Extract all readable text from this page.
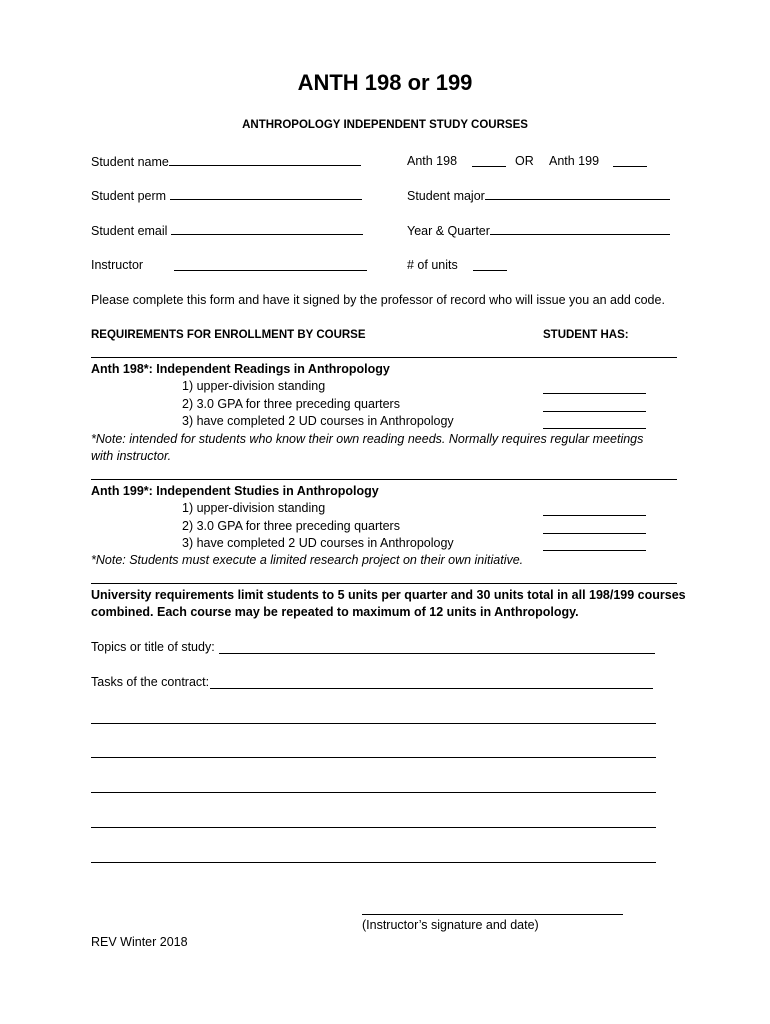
ANTH 198 or 199
ANTHROPOLOGY INDEPENDENT STUDY COURSES
Student name
Student perm
Student email
Instructor
Anth 198	OR Anth 199
Student major
Year & Quarter
# of units
Please complete this form and have it signed by the professor of record who will issue you an add code.
REQUIREMENTS FOR ENROLLMENT BY COURSE	STUDENT HAS:
Anth 198*: Independent Readings in Anthropology
1) upper-division standing
2) 3.0 GPA for three preceding quarters
3) have completed 2 UD courses in Anthropology
*Note: intended for students who know their own reading needs. Normally requires regular meetings
with instructor.
Anth 199*: Independent Studies in Anthropology
1) upper-division standing
2) 3.0 GPA for three preceding quarters
3) have completed 2 UD courses in Anthropology
*Note: Students must execute a limited research project on their own initiative.
University requirements limit students to 5 units per quarter and 30 units total in all 198/199 courses
combined. Each course may be repeated to maximum of 12 units in Anthropology.
Topics or title of study:
Tasks of the contract:
(Instructor’s signature and date)
REV Winter 2018
